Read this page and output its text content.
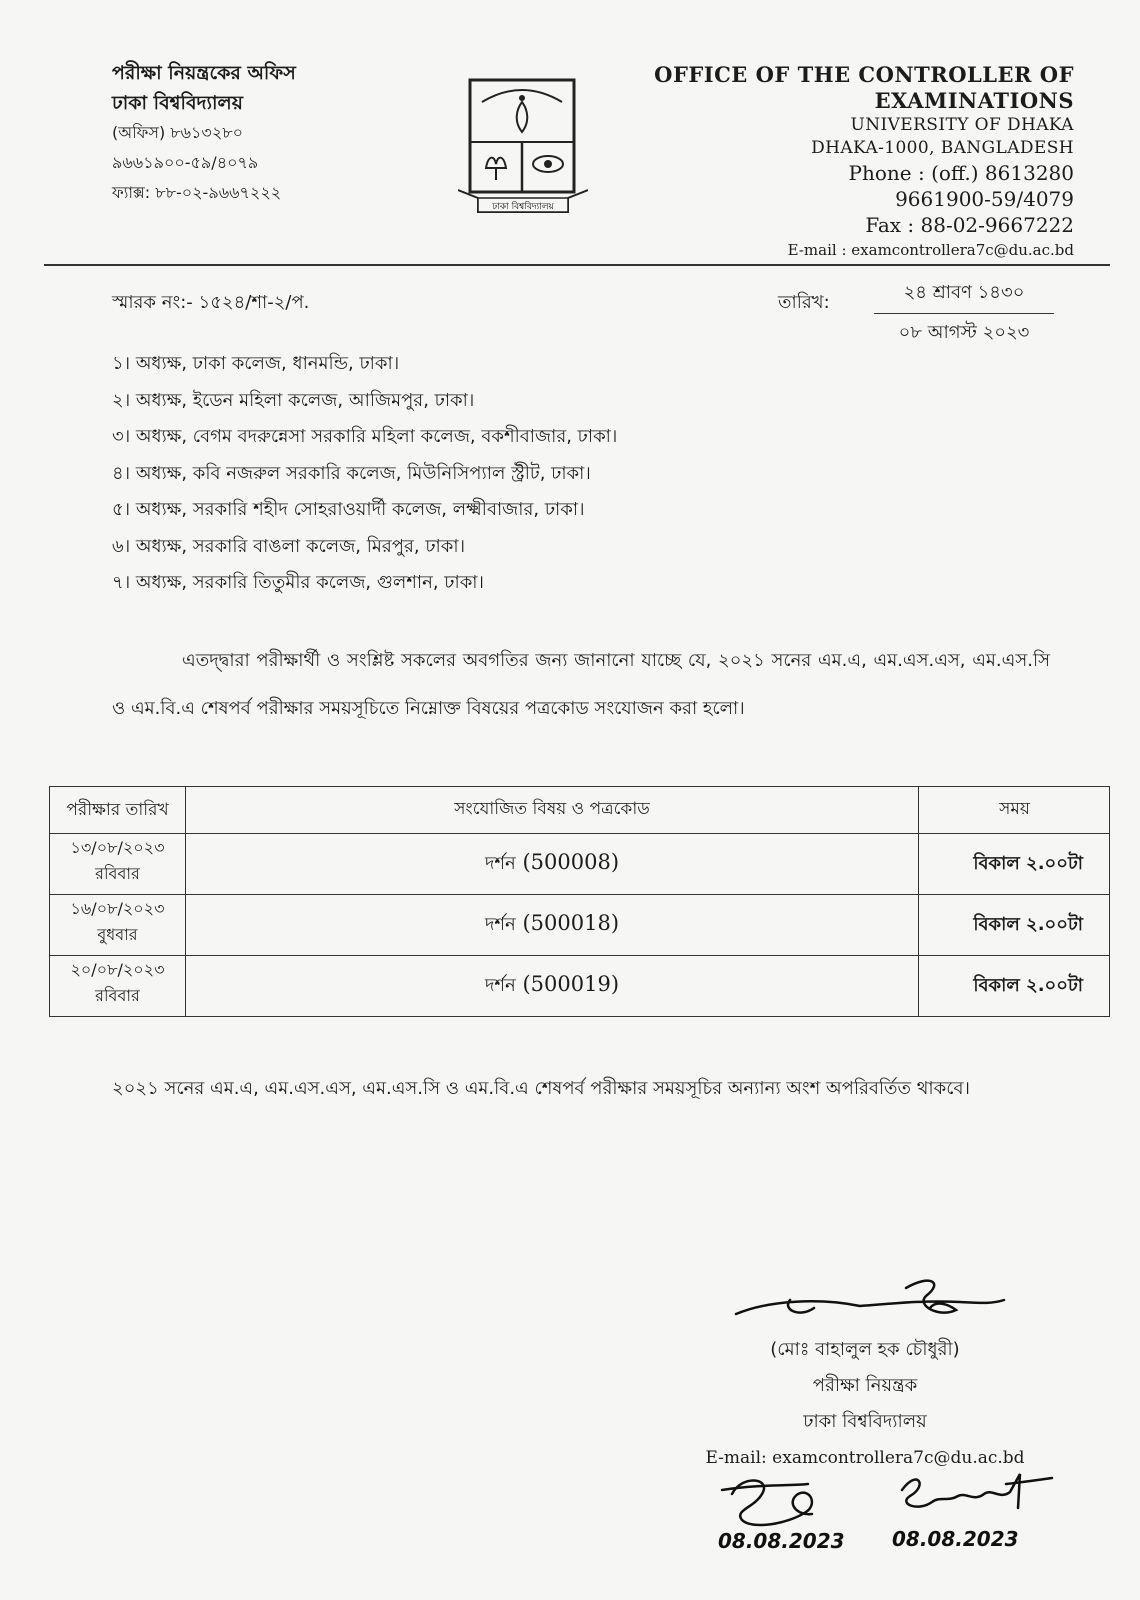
পরীক্ষা নিয়ন্ত্রকের অফিস
ঢাকা বিশ্ববিদ্যালয়
(অফিস) ৮৬১৩২৮০
৯৬৬১৯০০-৫৯/৪০৭৯
ফ্যাক্স: ৮৮-০২-৯৬৬৭২২২
ঢাকা বিশ্ববিদ্যালয়
OFFICE OF THE CONTROLLER OF
EXAMINATIONS
UNIVERSITY OF DHAKA
DHAKA-1000, BANGLADESH
Phone : (off.) 8613280
9661900-59/4079
Fax : 88-02-9667222
E-mail : examcontrollera7c@du.ac.bd
স্মারক নং:- ১৫২৪/শা-২/প.	তারিখ:	২৪ শ্রাবণ ১৪৩০
০৮ আগস্ট ২০২৩
১। অধ্যক্ষ, ঢাকা কলেজ, ধানমন্ডি, ঢাকা।
২। অধ্যক্ষ, ইডেন মহিলা কলেজ, আজিমপুর, ঢাকা।
৩। অধ্যক্ষ, বেগম বদরুন্নেসা সরকারি মহিলা কলেজ, বকশীবাজার, ঢাকা।
৪। অধ্যক্ষ, কবি নজরুল সরকারি কলেজ, মিউনিসিপ্যাল স্ট্রীট, ঢাকা।
৫। অধ্যক্ষ, সরকারি শহীদ সোহরাওয়ার্দী কলেজ, লক্ষ্মীবাজার, ঢাকা।
৬। অধ্যক্ষ, সরকারি বাঙলা কলেজ, মিরপুর, ঢাকা।
৭। অধ্যক্ষ, সরকারি তিতুমীর কলেজ, গুলশান, ঢাকা।
এতদ্দ্বারা পরীক্ষার্থী ও সংশ্লিষ্ট সকলের অবগতির জন্য জানানো যাচ্ছে যে, ২০২১ সনের এম.এ, এম.এস.এস, এম.এস.সি ও এম.বি.এ শেষপর্ব পরীক্ষার সময়সূচিতে নিম্নোক্ত বিষয়ের পত্রকোড সংযোজন করা হলো।
পরীক্ষার তারিখ	সংযোজিত বিষয় ও পত্রকোড	সময়

১৩/০৮/২০২৩
রবিবার	দর্শন (500008)	বিকাল ২.০০টা

১৬/০৮/২০২৩
বুধবার	দর্শন (500018)	বিকাল ২.০০টা

২০/০৮/২০২৩
রবিবার	দর্শন (500019)	বিকাল ২.০০টা
২০২১ সনের এম.এ, এম.এস.এস, এম.এস.সি ও এম.বি.এ শেষপর্ব পরীক্ষার সময়সূচির অন্যান্য অংশ অপরিবর্তিত থাকবে।
(মোঃ বাহালুল হক চৌধুরী)
পরীক্ষা নিয়ন্ত্রক
ঢাকা বিশ্ববিদ্যালয়
E-mail: examcontrollera7c@du.ac.bd
08.08.2023 08.08.2023
